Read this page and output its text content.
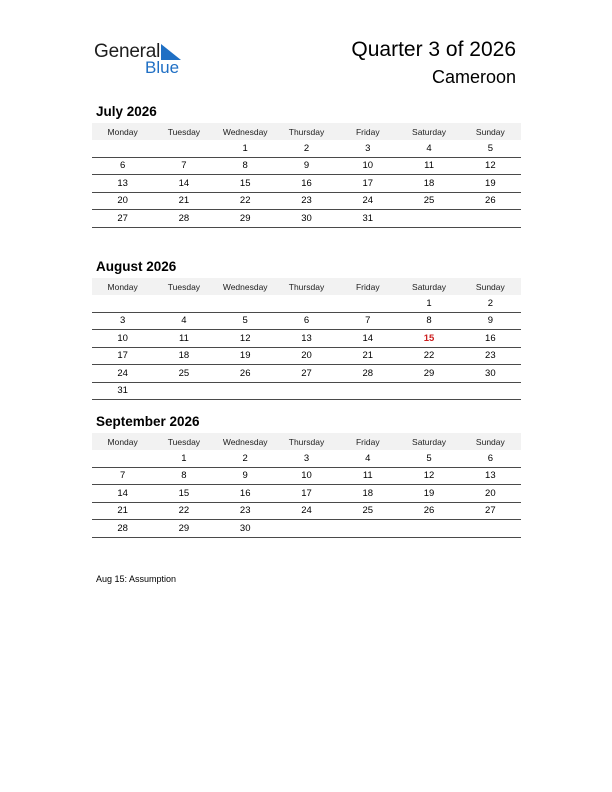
General
Blue
Quarter 3 of 2026
Cameroon
July 2026
Monday	Tuesday	Wednesday	Thursday	Friday	Saturday	Sunday
		1	2	3	4	5
6	7	8	9	10	11	12
13	14	15	16	17	18	19
20	21	22	23	24	25	26
27	28	29	30	31		
August 2026
Monday	Tuesday	Wednesday	Thursday	Friday	Saturday	Sunday
					1	2
3	4	5	6	7	8	9
10	11	12	13	14	15	16
17	18	19	20	21	22	23
24	25	26	27	28	29	30
31						
September 2026
Monday	Tuesday	Wednesday	Thursday	Friday	Saturday	Sunday
	1	2	3	4	5	6
7	8	9	10	11	12	13
14	15	16	17	18	19	20
21	22	23	24	25	26	27
28	29	30				
Aug 15: Assumption
